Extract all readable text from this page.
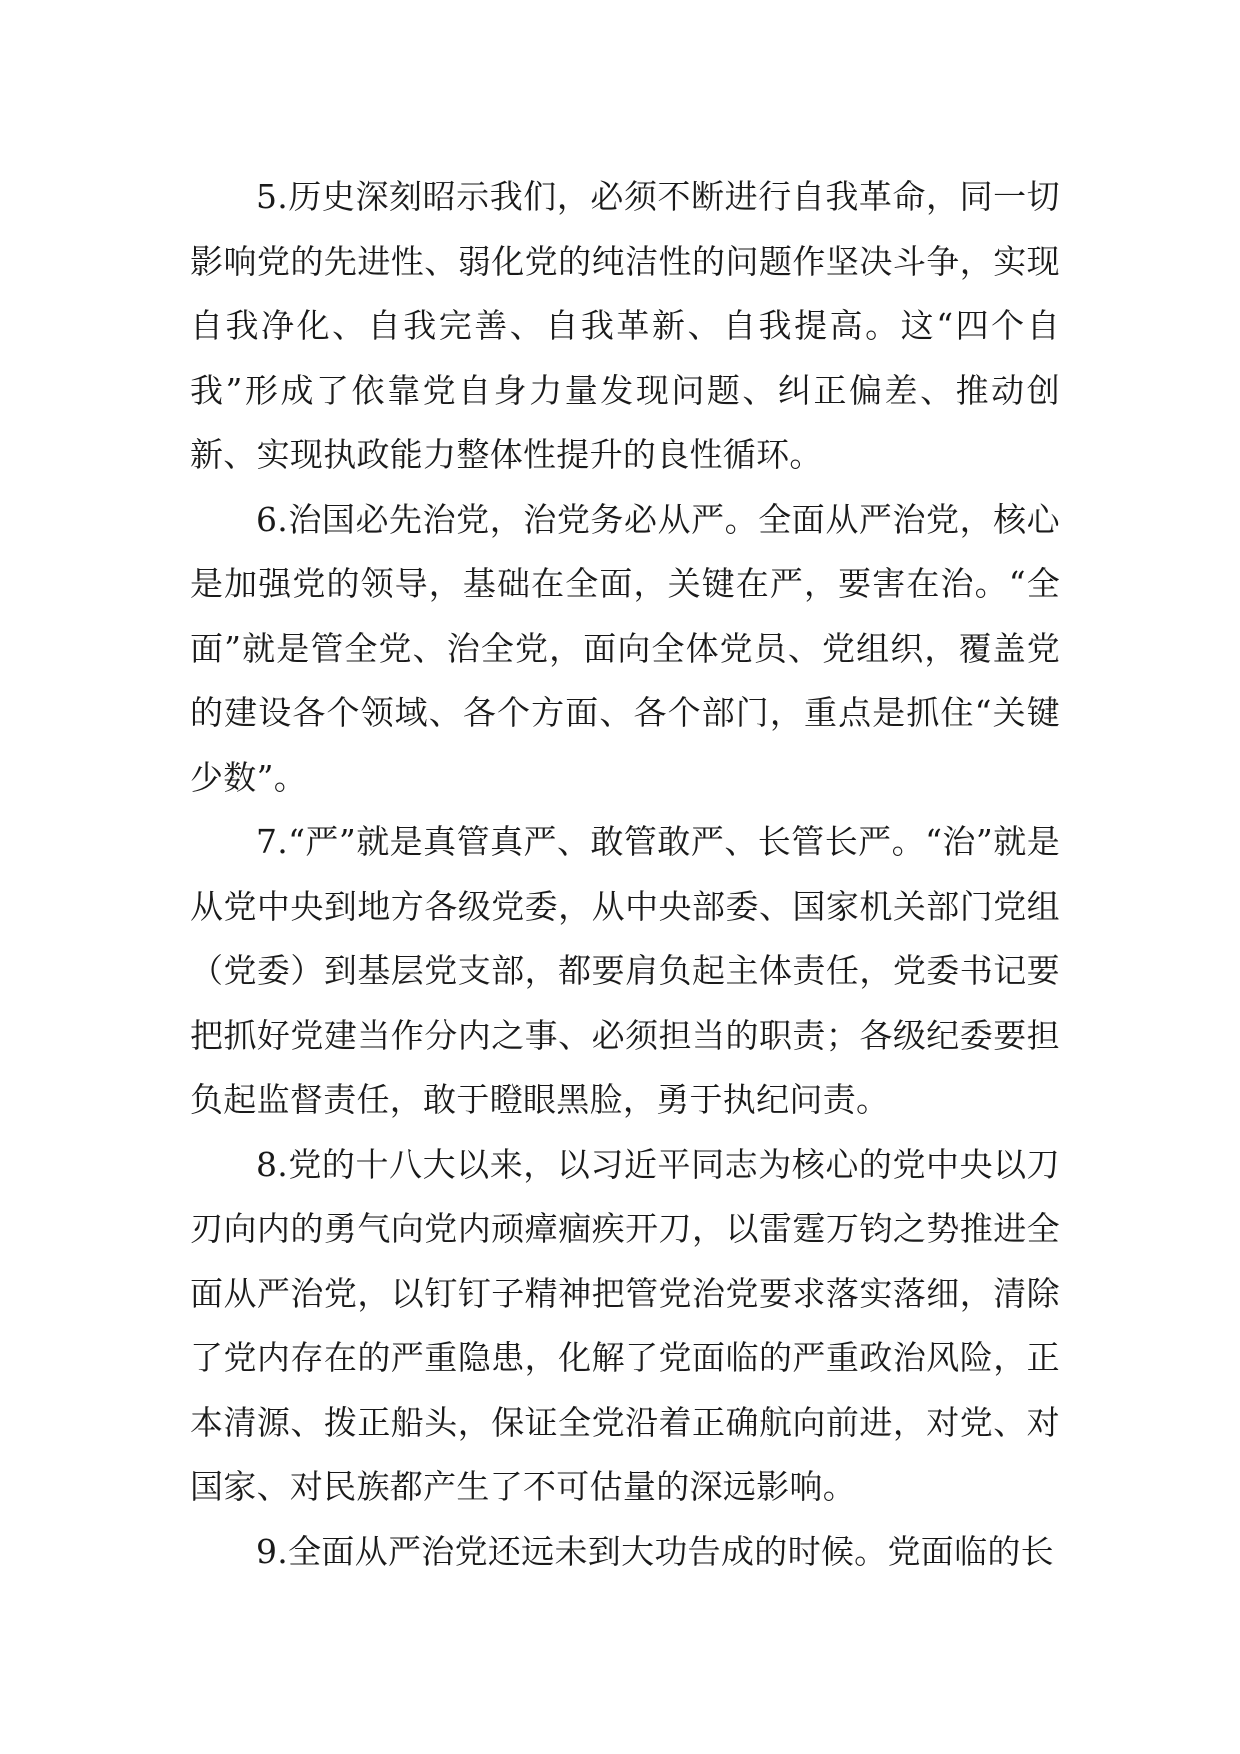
5.历史深刻昭示我们，必须不断进行自我革命，同一切影响党的先进性、弱化党的纯洁性的问题作坚决斗争，实现自我净化、自我完善、自我革新、自我提高。这“四个自我”形成了依靠党自身力量发现问题、纠正偏差、推动创新、实现执政能力整体性提升的良性循环。

6.治国必先治党，治党务必从严。全面从严治党，核心是加强党的领导，基础在全面，关键在严，要害在治。“全面”就是管全党、治全党，面向全体党员、党组织，覆盖党的建设各个领域、各个方面、各个部门，重点是抓住“关键少数”。

7.“严”就是真管真严、敢管敢严、长管长严。“治”就是从党中央到地方各级党委，从中央部委、国家机关部门党组（党委）到基层党支部，都要肩负起主体责任，党委书记要把抓好党建当作分内之事、必须担当的职责；各级纪委要担负起监督责任，敢于瞪眼黑脸，勇于执纪问责。

8.党的十八大以来，以习近平同志为核心的党中央以刀刃向内的勇气向党内顽瘴痼疾开刀，以雷霆万钧之势推进全面从严治党，以钉钉子精神把管党治党要求落实落细，清除了党内存在的严重隐患，化解了党面临的严重政治风险，正本清源、拨正船头，保证全党沿着正确航向前进，对党、对国家、对民族都产生了不可估量的深远影响。

9.全面从严治党还远未到大功告成的时候。党面临的长
